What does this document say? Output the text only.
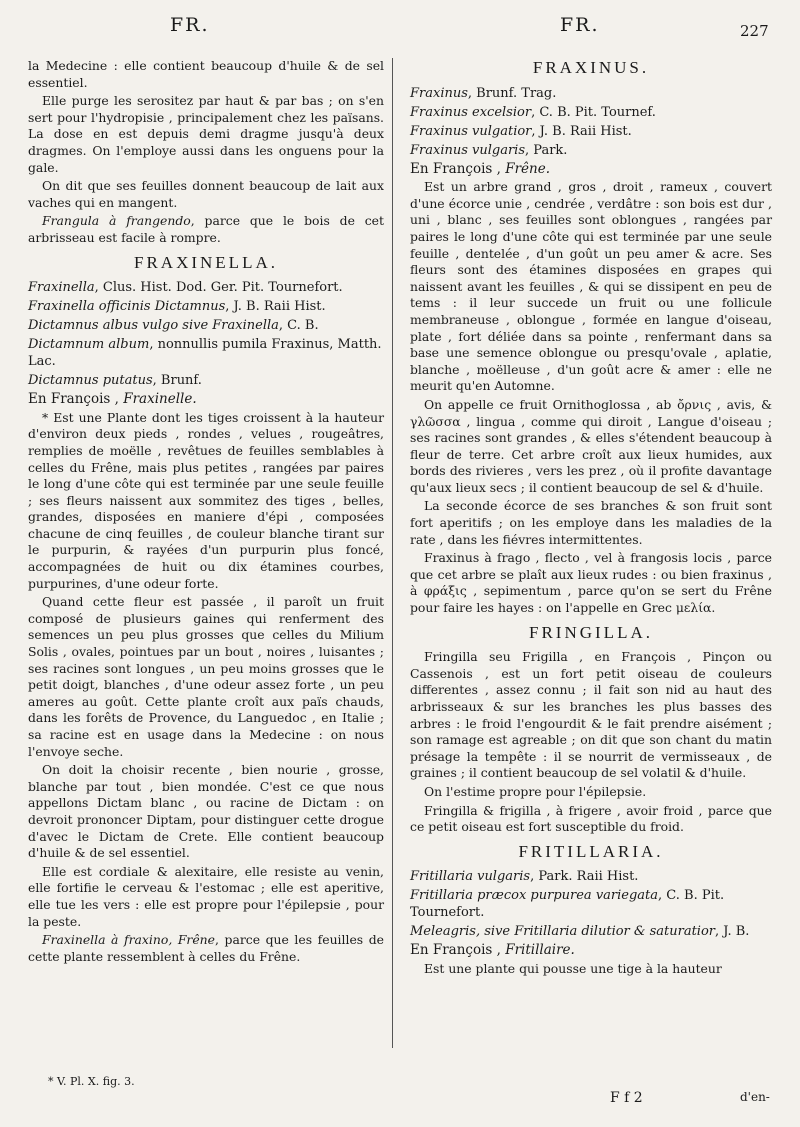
FR.	FR.	227

la Medecine : elle contient beaucoup d'huile & de sel essentiel.

Elle purge les serositez par haut & par bas ; on s'en sert pour l'hydropisie , principalement chez les païsans. La dose en est depuis demi dragme jusqu'à deux dragmes. On l'employe aussi dans les onguens pour la gale.

On dit que ses feuilles donnent beaucoup de lait aux vaches qui en mangent.

Frangula à frangendo, parce que le bois de cet arbrisseau est facile à rompre.

FRAXINELLA.

Fraxinella, Clus. Hist. Dod. Ger. Pit. Tournefort.

Fraxinella officinis Dictamnus, J. B. Raii Hist.

Dictamnus albus vulgo sive Fraxinella, C. B.

Dictamnum album, nonnullis pumila Fraxinus, Matth. Lac.

Dictamnus putatus, Brunf.

En François , Fraxinelle.

* Est une Plante dont les tiges croissent à la hauteur d'environ deux pieds , rondes , velues , rougeâtres, remplies de moëlle , revêtues de feuilles semblables à celles du Frêne, mais plus petites , rangées par paires le long d'une côte qui est terminée par une seule feuille ; ses fleurs naissent aux sommitez des tiges , belles, grandes, disposées en maniere d'épi , composées chacune de cinq feuilles , de couleur blanche tirant sur le purpurin, & rayées d'un purpurin plus foncé, accompagnées de huit ou dix étamines courbes, purpurines, d'une odeur forte.

Quand cette fleur est passée , il paroît un fruit composé de plusieurs gaines qui renferment des semences un peu plus grosses que celles du Milium Solis , ovales, pointues par un bout , noires , luisantes ; ses racines sont longues , un peu moins grosses que le petit doigt, blanches , d'une odeur assez forte , un peu ameres au goût. Cette plante croît aux païs chauds, dans les forêts de Provence, du Languedoc , en Italie ; sa racine est en usage dans la Medecine : on nous l'envoye seche.

On doit la choisir recente , bien nourie , grosse, blanche par tout , bien mondée. C'est ce que nous appellons Dictam blanc , ou racine de Dictam : on devroit prononcer Diptam, pour distinguer cette drogue d'avec le Dictam de Crete. Elle contient beaucoup d'huile & de sel essentiel.

Elle est cordiale & alexitaire, elle resiste au venin, elle fortifie le cerveau & l'estomac ; elle est aperitive, elle tue les vers : elle est propre pour l'épilepsie , pour la peste.

Fraxinella à fraxino, Frêne, parce que les feuilles de cette plante ressemblent à celles du Frêne.

FRAXINUS.

Fraxinus, Brunf. Trag.

Fraxinus excelsior, C. B. Pit. Tournef.

Fraxinus vulgatior, J. B. Raii Hist.

Fraxinus vulgaris, Park.

En François , Frêne.

Est un arbre grand , gros , droit , rameux , couvert d'une écorce unie , cendrée , verdâtre : son bois est dur , uni , blanc , ses feuilles sont oblongues , rangées par paires le long d'une côte qui est terminée par une seule feuille , dentelée , d'un goût un peu amer & acre. Ses fleurs sont des étamines disposées en grapes qui naissent avant les feuilles , & qui se dissipent en peu de tems : il leur succede un fruit ou une follicule membraneuse , oblongue , formée en langue d'oiseau, plate , fort déliée dans sa pointe , renfermant dans sa base une semence oblongue ou presqu'ovale , aplatie, blanche , moëlleuse , d'un goût acre & amer : elle ne meurit qu'en Automne.

On appelle ce fruit Ornithoglossa , ab ὄρνις , avis, & γλῶσσα , lingua , comme qui diroit , Langue d'oiseau ; ses racines sont grandes , & elles s'étendent beaucoup à fleur de terre. Cet arbre croît aux lieux humides, aux bords des rivieres , vers les prez , où il profite davantage qu'aux lieux secs ; il contient beaucoup de sel & d'huile.

La seconde écorce de ses branches & son fruit sont fort aperitifs ; on les employe dans les maladies de la rate , dans les fiévres intermittentes.

Fraxinus à frago , flecto , vel à frangosis locis , parce que cet arbre se plaît aux lieux rudes : ou bien fraxinus , à φράξις , sepimentum , parce qu'on se sert du Frêne pour faire les hayes : on l'appelle en Grec μελία.

FRINGILLA.

Fringilla seu Frigilla , en François , Pinçon ou Cassenois , est un fort petit oiseau de couleurs differentes , assez connu ; il fait son nid au haut des arbrisseaux & sur les branches les plus basses des arbres : le froid l'engourdit & le fait prendre aisément ; son ramage est agreable ; on dit que son chant du matin présage la tempête : il se nourrit de vermisseaux , de graines ; il contient beaucoup de sel volatil & d'huile.

On l'estime propre pour l'épilepsie.

Fringilla & frigilla , à frigere , avoir froid , parce que ce petit oiseau est fort susceptible du froid.

FRITILLARIA.

Fritillaria vulgaris, Park. Raii Hist.

Fritillaria præcox purpurea variegata, C. B. Pit. Tournefort.

Meleagris, sive Fritillaria dilutior & saturatior, J. B.

En François , Fritillaire.

Est une plante qui pousse une tige à la hauteur

* V. Pl. X. fig. 3.
F f 2	d'en-
